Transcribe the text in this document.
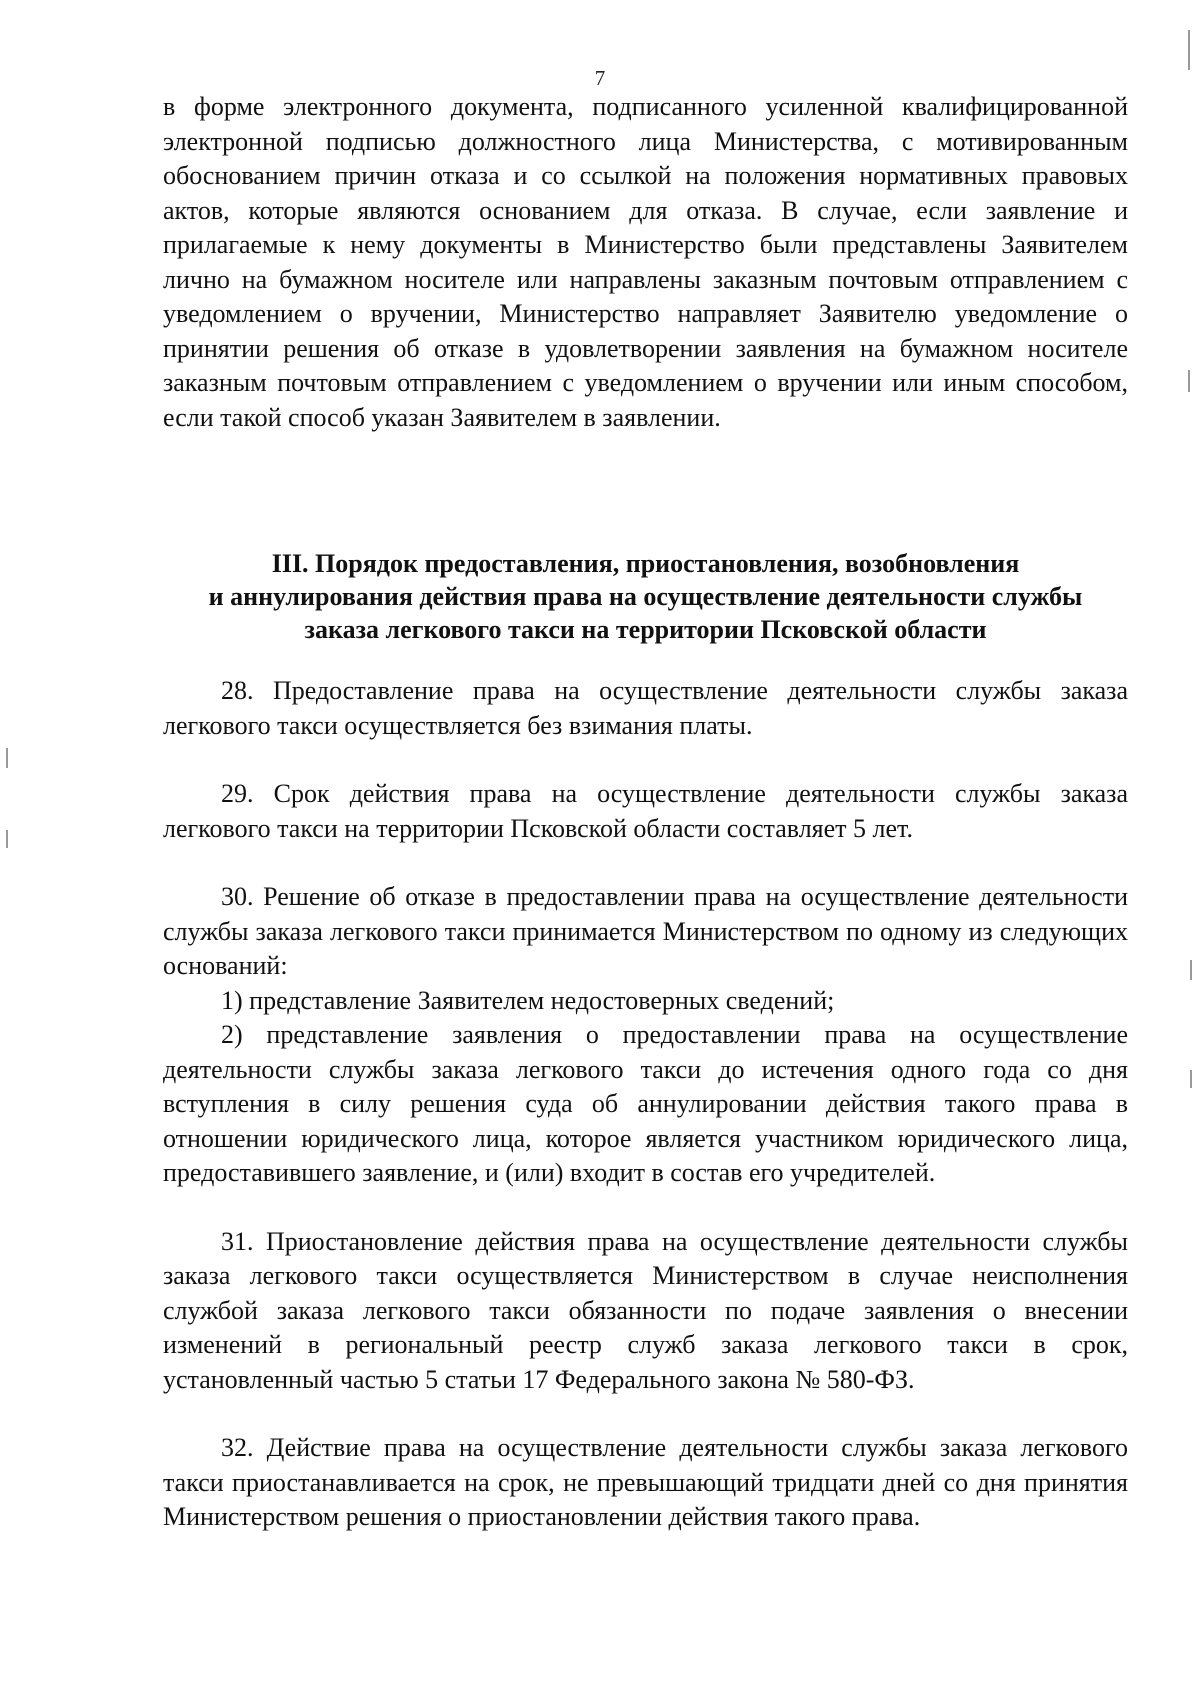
7

в форме электронного документа, подписанного усиленной квалифицированной электронной подписью должностного лица Министерства, с мотивированным обоснованием причин отказа и со ссылкой на положения нормативных правовых актов, которые являются основанием для отказа. В случае, если заявление и прилагаемые к нему документы в Министерство были представлены Заявителем лично на бумажном носителе или направлены заказным почтовым отправлением с уведомлением о вручении, Министерство направляет Заявителю уведомление о принятии решения об отказе в удовлетворении заявления на бумажном носителе заказным почтовым отправлением с уведомлением о вручении или иным способом, если такой способ указан Заявителем в заявлении.

III. Порядок предоставления, приостановления, возобновления
и аннулирования действия права на осуществление деятельности службы
заказа легкового такси на территории Псковской области

28. Предоставление права на осуществление деятельности службы заказа легкового такси осуществляется без взимания платы.

29. Срок действия права на осуществление деятельности службы заказа легкового такси на территории Псковской области составляет 5 лет.

30. Решение об отказе в предоставлении права на осуществление деятельности службы заказа легкового такси принимается Министерством по одному из следующих оснований:

1) представление Заявителем недостоверных сведений;

2) представление заявления о предоставлении права на осуществление деятельности службы заказа легкового такси до истечения одного года со дня вступления в силу решения суда об аннулировании действия такого права в отношении юридического лица, которое является участником юридического лица, предоставившего заявление, и (или) входит в состав его учредителей.

31. Приостановление действия права на осуществление деятельности службы заказа легкового такси осуществляется Министерством в случае неисполнения службой заказа легкового такси обязанности по подаче заявления о внесении изменений в региональный реестр служб заказа легкового такси в срок, установленный частью 5 статьи 17 Федерального закона № 580-ФЗ.

32. Действие права на осуществление деятельности службы заказа легкового такси приостанавливается на срок, не превышающий тридцати дней со дня принятия Министерством решения о приостановлении действия такого права.
